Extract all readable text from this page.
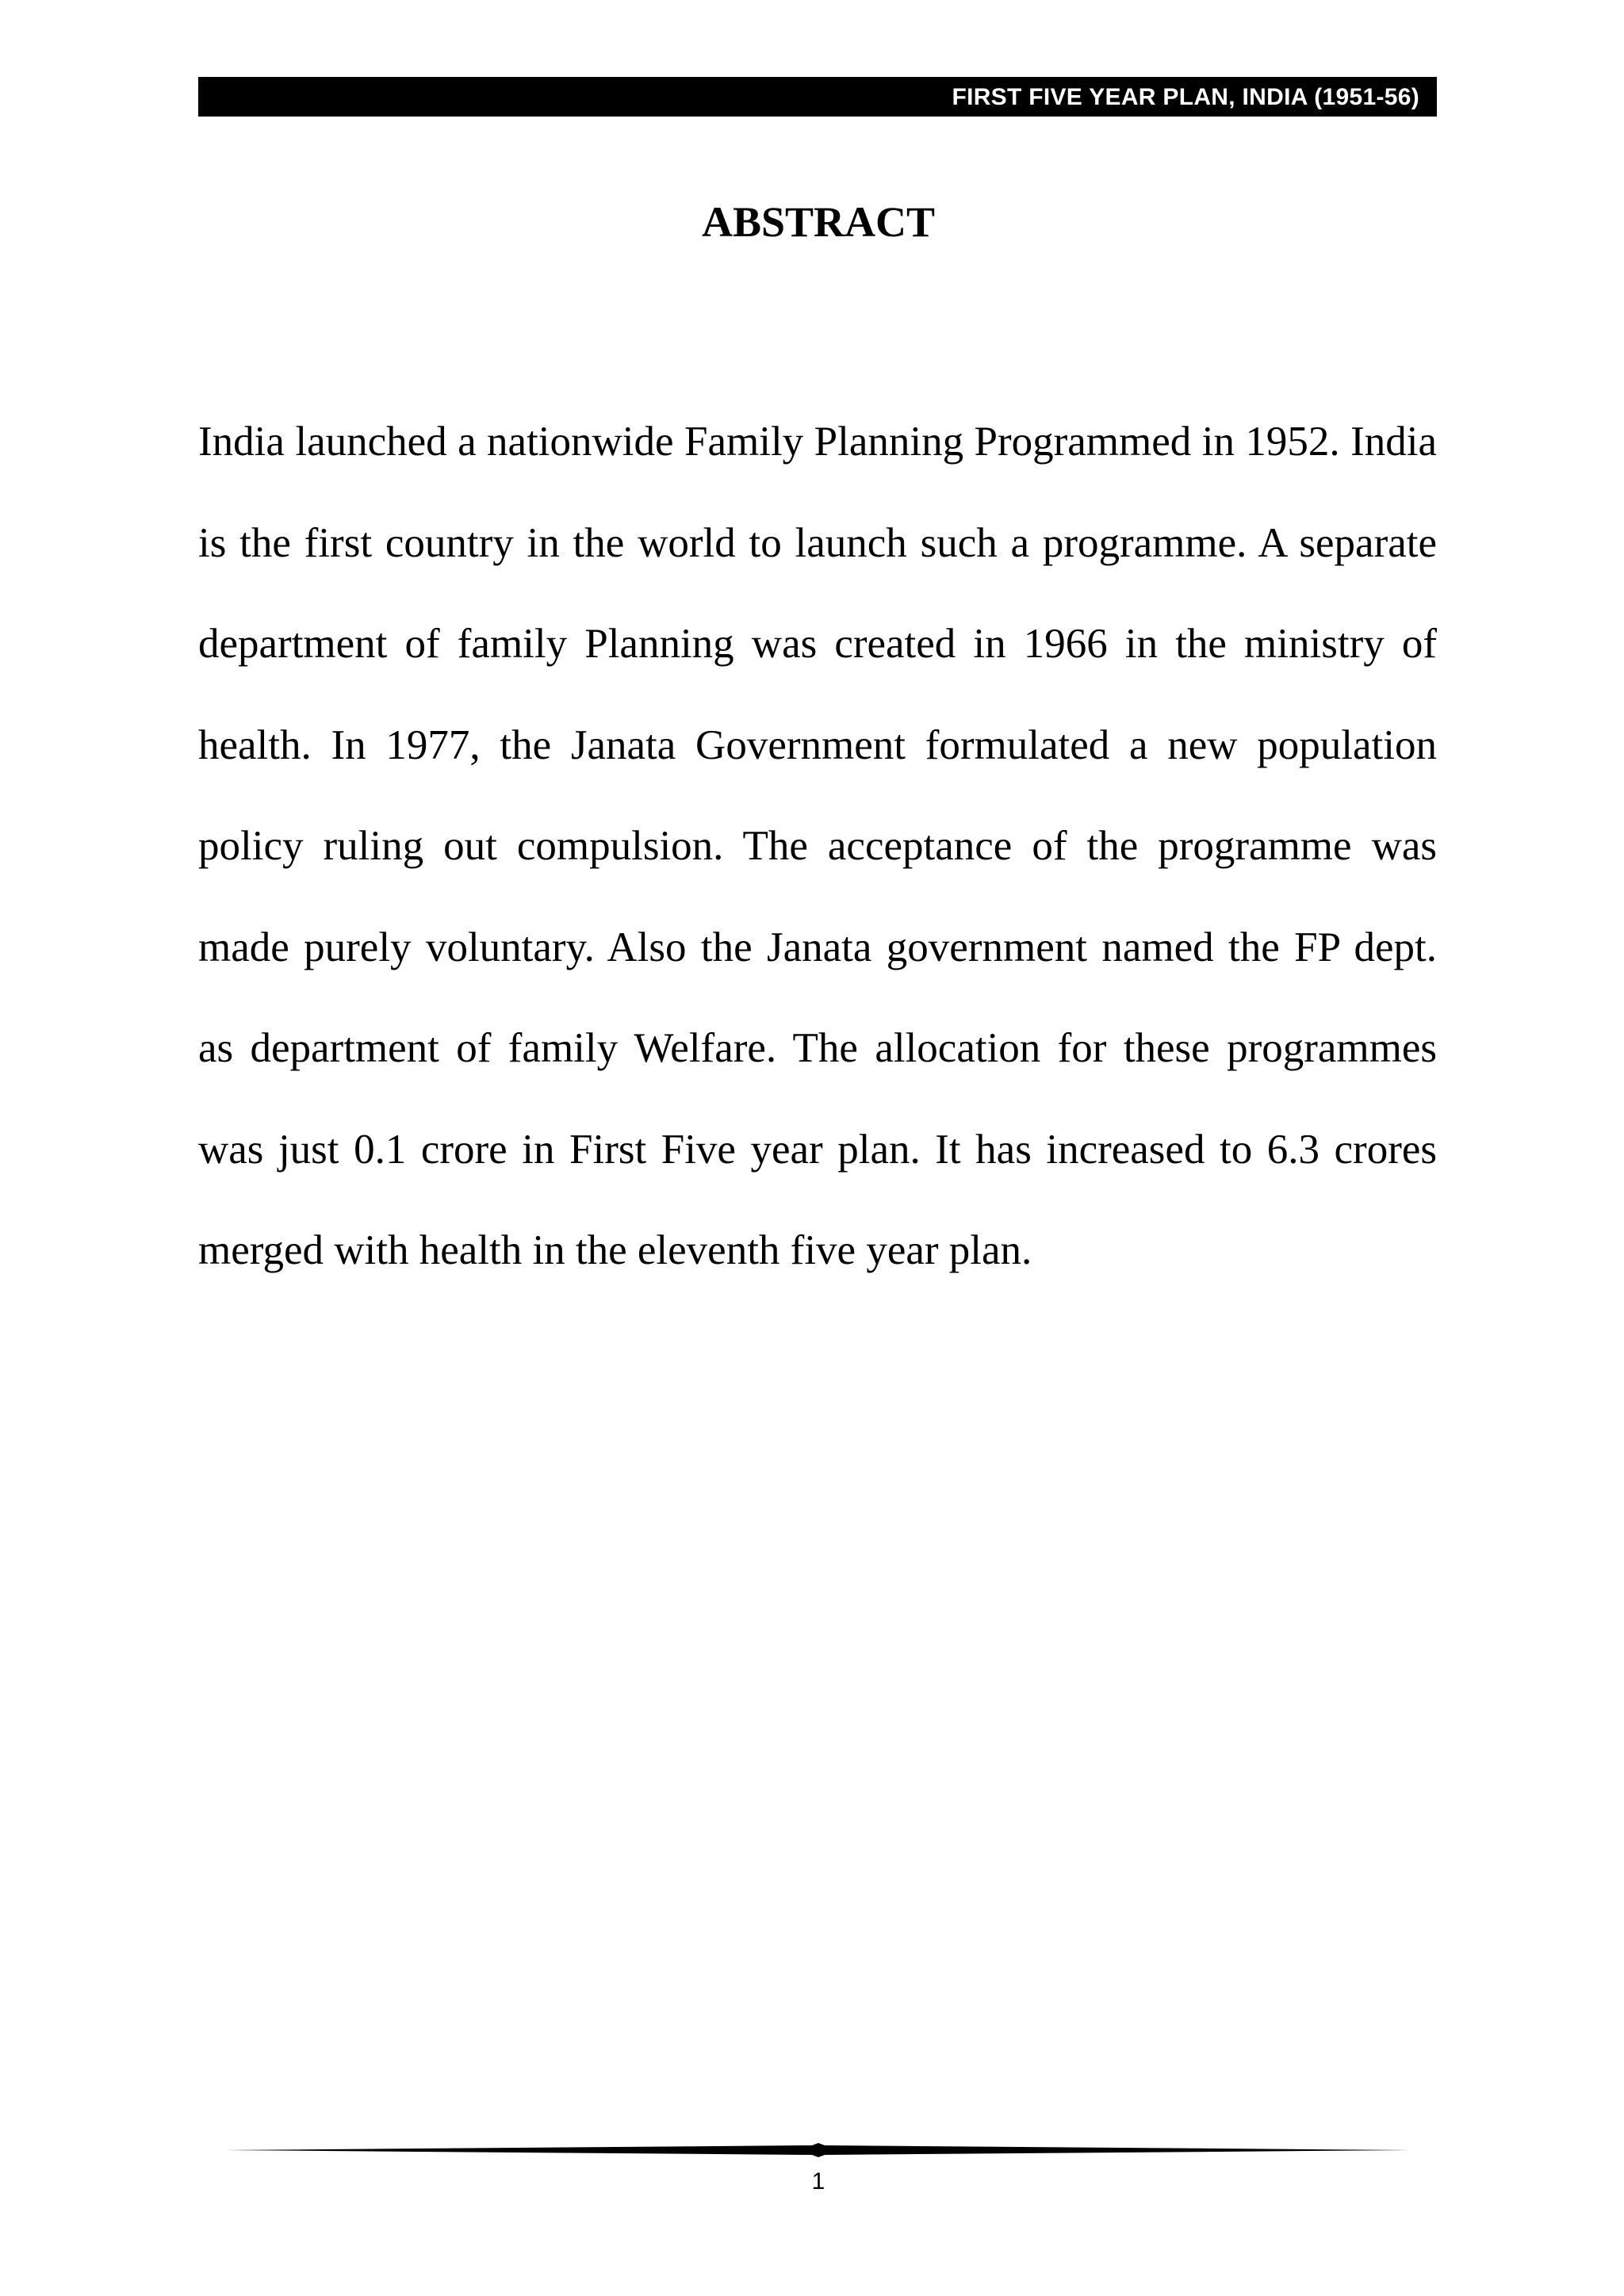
FIRST FIVE YEAR PLAN, INDIA (1951-56)
ABSTRACT

India launched a nationwide Family Planning Programmed in 1952. India is the first country in the world to launch such a programme. A separate department of family Planning was created in 1966 in the ministry of health. In 1977, the Janata Government formulated a new population policy ruling out compulsion. The acceptance of the programme was made purely voluntary. Also the Janata government named the FP dept. as department of family Welfare. The allocation for these programmes was just 0.1 crore in First Five year plan. It has increased to 6.3 crores merged with health in the eleventh five year plan.

1
